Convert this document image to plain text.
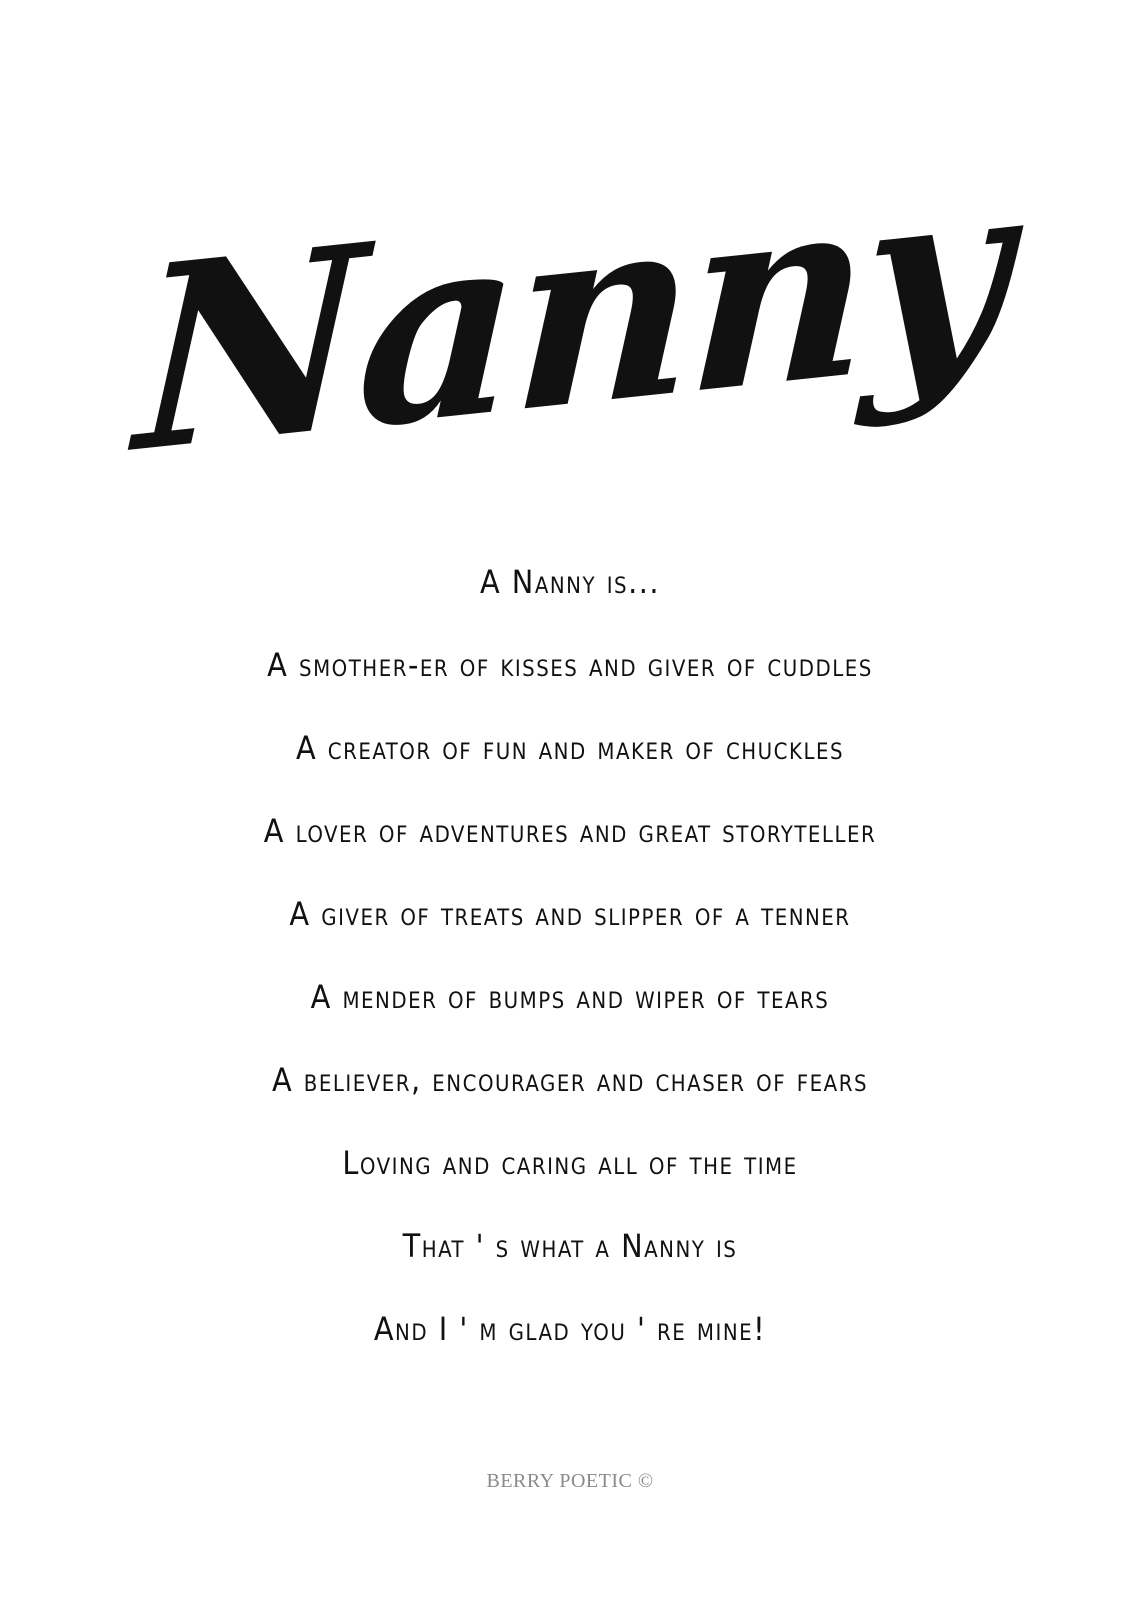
Nanny
A Nanny is...
A smother-er of kisses and giver of cuddles
A creator of fun and maker of chuckles
A lover of adventures and great storyteller
A giver of treats and slipper of a tenner
A mender of bumps and wiper of tears
A believer, encourager and chaser of fears
Loving and caring all of the time
That ' s what a Nanny is
And I ' m glad you ' re mine!
BERRY POETIC ©
